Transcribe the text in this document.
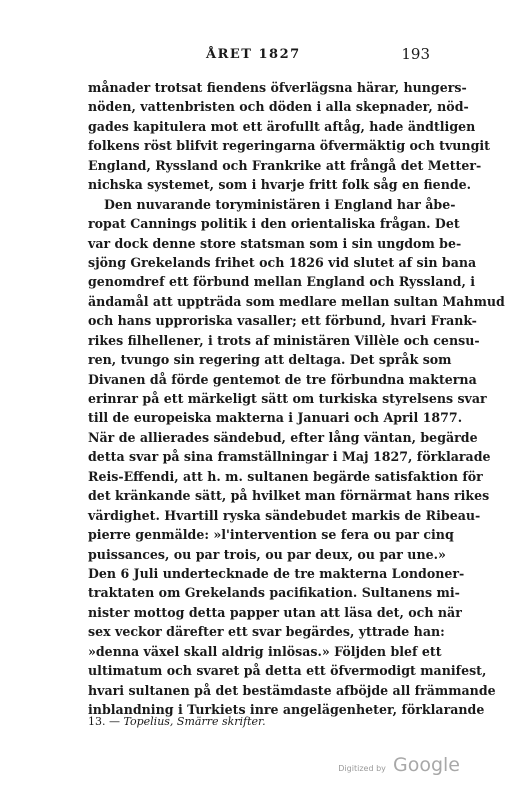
ÅRET 1827	193
månader trotsat fiendens öfverlägsna härar, hungers-
nöden, vattenbristen och döden i alla skepnader, nöd-
gades kapitulera mot ett ärofullt aftåg, hade ändtligen
folkens röst blifvit regeringarna öfvermäktig och tvungit
England, Ryssland och Frankrike att frångå det Metter-
nichska systemet, som i hvarje fritt folk såg en fiende.
Den nuvarande toryministären i England har åbe-
ropat Cannings politik i den orientaliska frågan. Det
var dock denne store statsman som i sin ungdom be-
sjöng Grekelands frihet och 1826 vid slutet af sin bana
genomdref ett förbund mellan England och Ryssland, i
ändamål att uppträda som medlare mellan sultan Mahmud
och hans upproriska vasaller; ett förbund, hvari Frank-
rikes filhellener, i trots af ministären Villèle och censu-
ren, tvungo sin regering att deltaga. Det språk som
Divanen då förde gentemot de tre förbundna makterna
erinrar på ett märkeligt sätt om turkiska styrelsens svar
till de europeiska makterna i Januari och April 1877.
När de allierades sändebud, efter lång väntan, begärde
detta svar på sina framställningar i Maj 1827, förklarade
Reis-Effendi, att h. m. sultanen begärde satisfaktion för
det kränkande sätt, på hvilket man förnärmat hans rikes
värdighet. Hvartill ryska sändebudet markis de Ribeau-
pierre genmälde: »l'intervention se fera ou par cinq
puissances, ou par trois, ou par deux, ou par une.»
Den 6 Juli undertecknade de tre makterna Londoner-
traktaten om Grekelands pacifikation. Sultanens mi-
nister mottog detta papper utan att läsa det, och när
sex veckor därefter ett svar begärdes, yttrade han:
»denna växel skall aldrig inlösas.» Följden blef ett
ultimatum och svaret på detta ett öfvermodigt manifest,
hvari sultanen på det bestämdaste afböjde all främmande
inblandning i Turkiets inre angelägenheter, förklarande
13. — Topelius, Smärre skrifter.
Digitized by Google
